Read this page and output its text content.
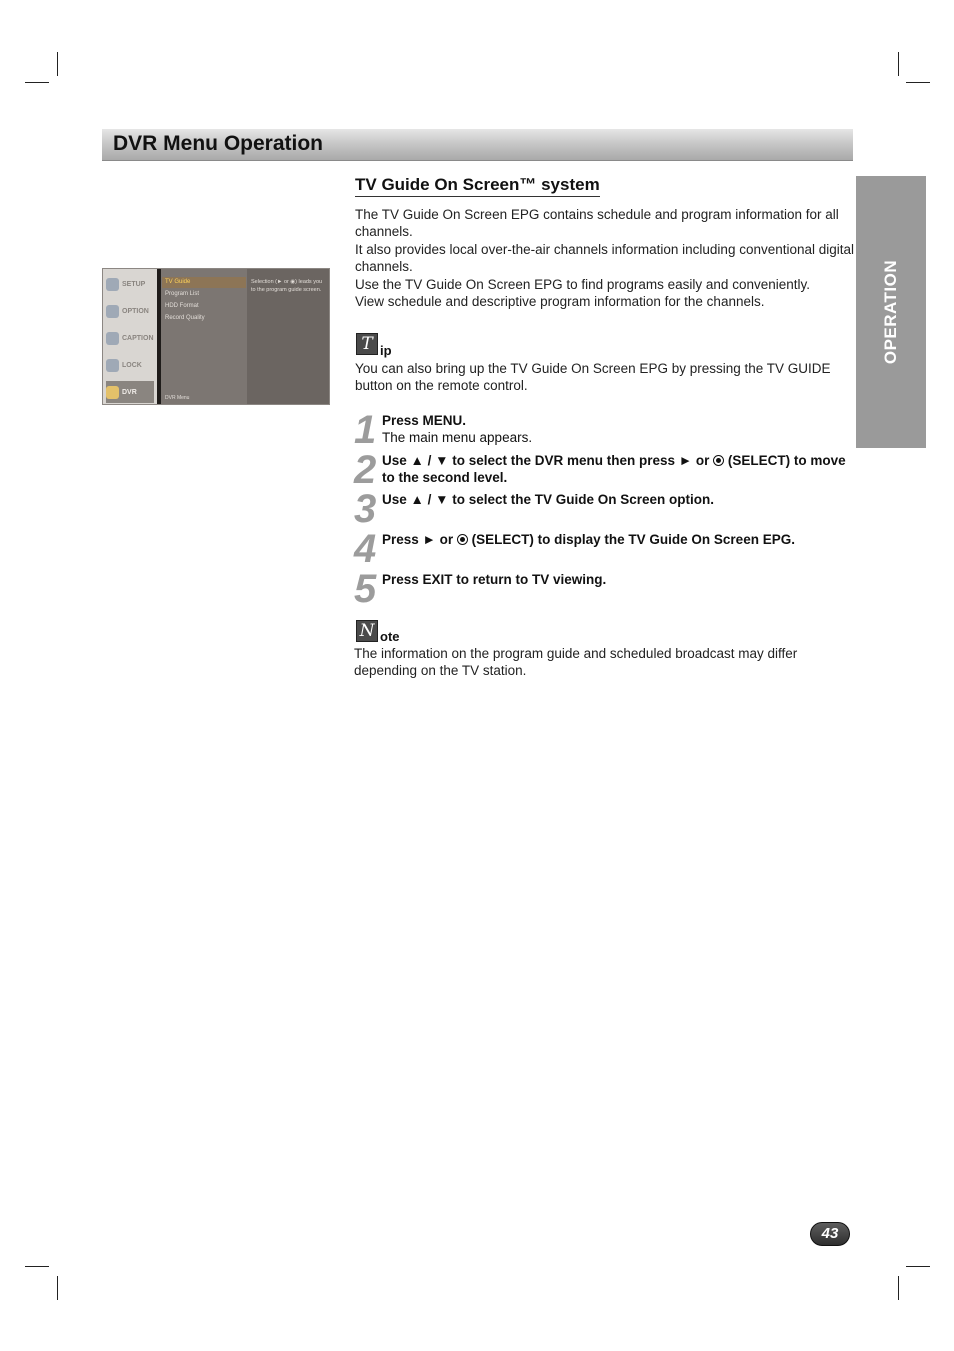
DVR Menu Operation
OPERATION
TV Guide On Screen™ system

The TV Guide On Screen EPG contains schedule and program information for all channels.

It also provides local over-the-air channels information including conventional digital channels.

Use the TV Guide On Screen EPG to find programs easily and conveniently.

View schedule and descriptive program information for the channels.

SETUP
OPTION
CAPTION
LOCK
DVR
TV Guide
Program List
HDD Format
Record Quality
Selection (► or ◉) leads you to the program guide screen.
DVR Menu
T ip
You can also bring up the TV Guide On Screen EPG by pressing the TV GUIDE button on the remote control.
1 Press MENU.
The main menu appears.
2 Use ▲ / ▼ to select the DVR menu then press ► or  (SELECT) to move to the second level.
3 Use ▲ / ▼ to select the TV Guide On Screen option.
4 Press ► or  (SELECT) to display the TV Guide On Screen EPG.
5 Press EXIT to return to TV viewing.
N ote
The information on the program guide and scheduled broadcast may differ depending on the TV station.
43
